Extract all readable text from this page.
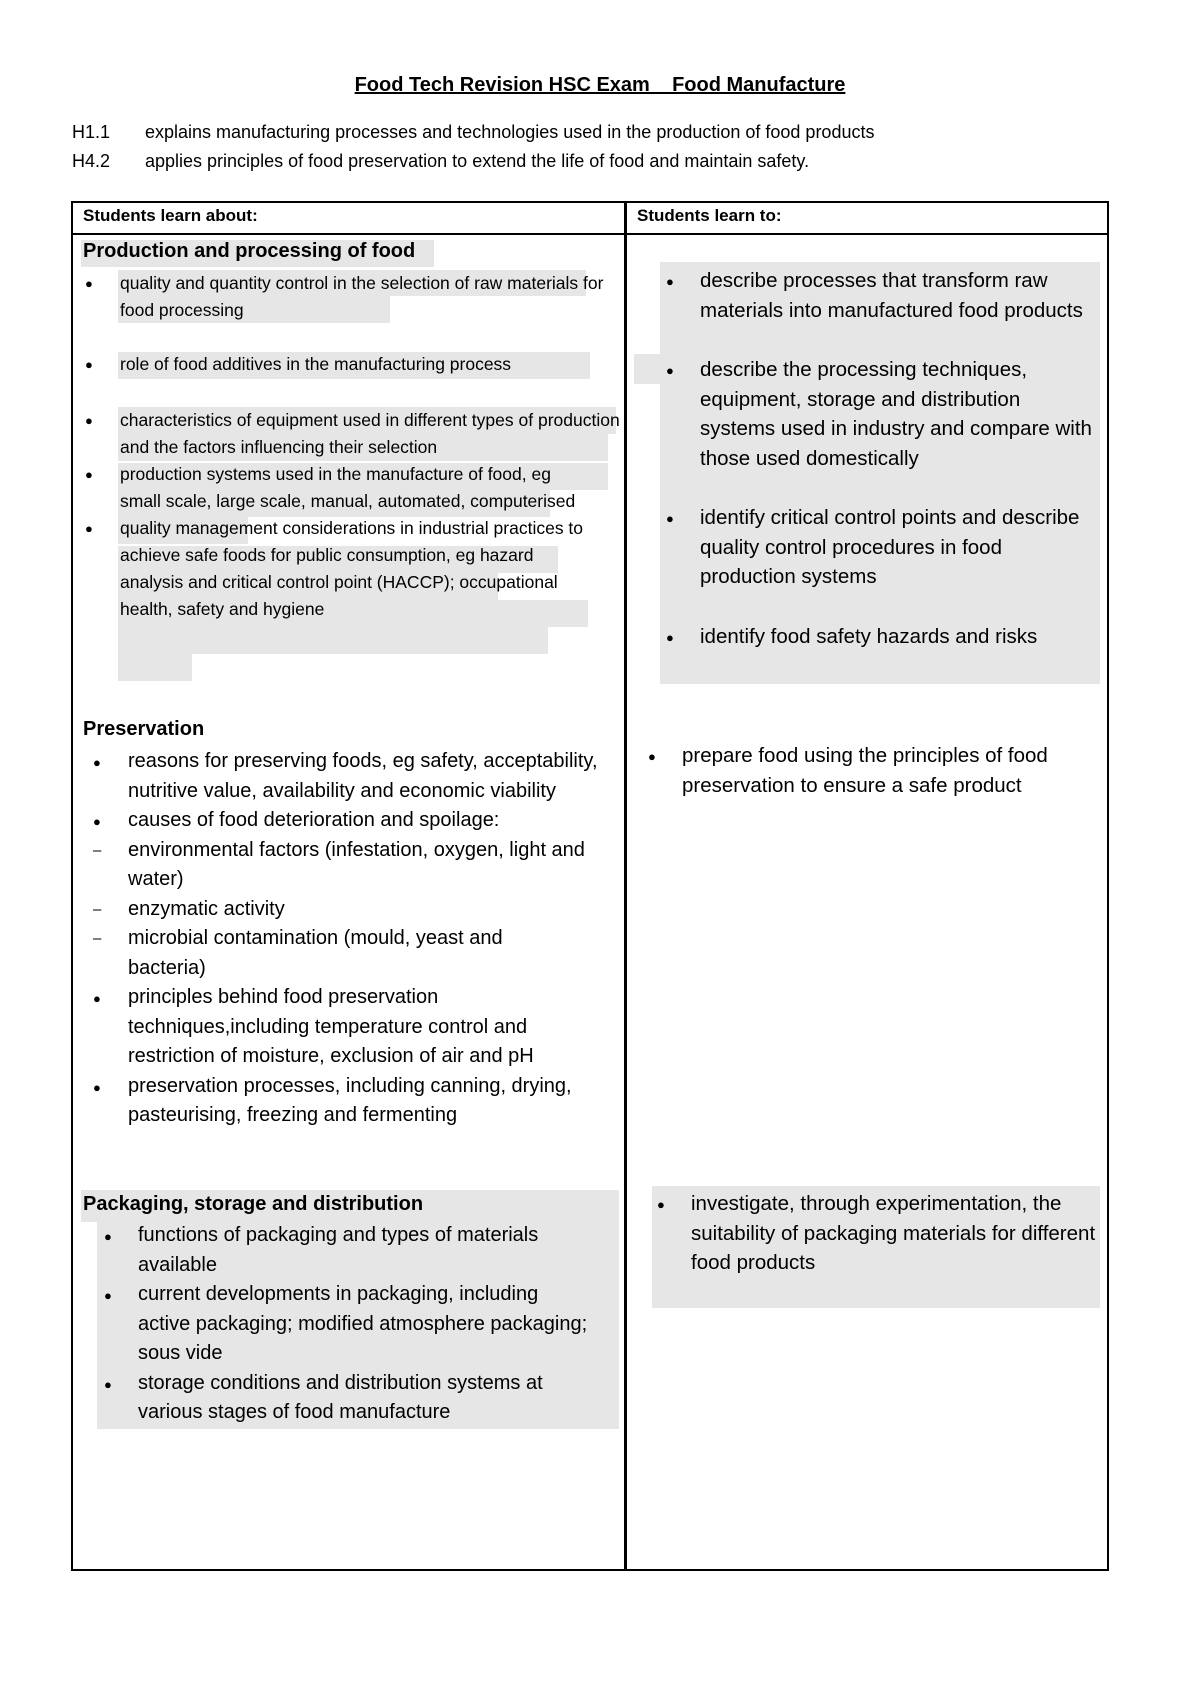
Food Tech Revision HSC Exam    Food Manufacture
H1.1 explains manufacturing processes and technologies used in the production of food products
H4.2 applies principles of food preservation to extend the life of food and maintain safety.
Students learn about:	Students learn to:
Production and processing of food
● quality and quantity control in the selection of raw materials for food processing
● role of food additives in the manufacturing process
● characteristics of equipment used in different types of production and the factors influencing their selection
● production systems used in the manufacture of food, eg small scale, large scale, manual, automated, computerised
● quality management considerations in industrial practices to achieve safe foods for public consumption, eg hazard analysis and critical control point (HACCP); occupational health, safety and hygiene
Preservation
● reasons for preserving foods, eg safety, acceptability, nutritive value, availability and economic viability
● causes of food deterioration and spoilage:
– environmental factors (infestation, oxygen, light and water)
– enzymatic activity
– microbial contamination (mould, yeast and bacteria)
● principles behind food preservation techniques,including temperature control and restriction of moisture, exclusion of air and pH
● preservation processes, including canning, drying, pasteurising, freezing and fermenting
Packaging, storage and distribution
● functions of packaging and types of materials available
● current developments in packaging, including active packaging; modified atmosphere packaging; sous vide
● storage conditions and distribution systems at various stages of food manufacture
● describe processes that transform raw materials into manufactured food products
● describe the processing techniques, equipment, storage and distribution systems used in industry and compare with those used domestically
● identify critical control points and describe quality control procedures in food production systems
● identify food safety hazards and risks
● prepare food using the principles of food preservation to ensure a safe product
● investigate, through experimentation, the suitability of packaging materials for different food products
